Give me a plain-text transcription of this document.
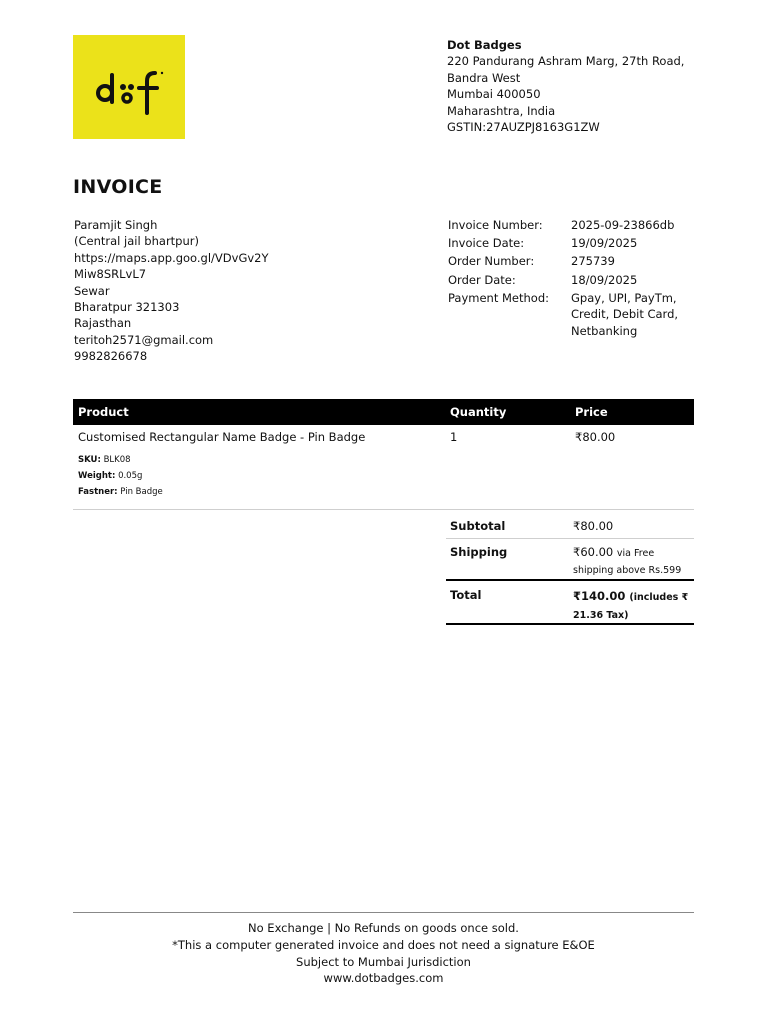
Dot Badges
220 Pandurang Ashram Marg, 27th Road,
Bandra West
Mumbai 400050
Maharashtra, India
GSTIN:27AUZPJ8163G1ZW
INVOICE
Paramjit Singh
(Central jail bhartpur)
https://maps.app.goo.gl/VDvGv2Y
Miw8SRLvL7
Sewar
Bharatpur 321303
Rajasthan
teritoh2571@gmail.com
9982826678
Invoice Number:	2025-09-23866db
Invoice Date:	19/09/2025
Order Number:	275739
Order Date:	18/09/2025
Payment Method:	Gpay, UPI, PayTm, Credit, Debit Card, Netbanking
Product	Quantity	Price
Customised Rectangular Name Badge - Pin Badge	1	₹80.00
SKU: BLK08
Weight: 0.05g
Fastner: Pin Badge
Subtotal	₹80.00
Shipping	₹60.00 via Free shipping above Rs.599
Total	₹140.00 (includes ₹ 21.36 Tax)
No Exchange | No Refunds on goods once sold.
*This a computer generated invoice and does not need a signature E&OE
Subject to Mumbai Jurisdiction
www.dotbadges.com
